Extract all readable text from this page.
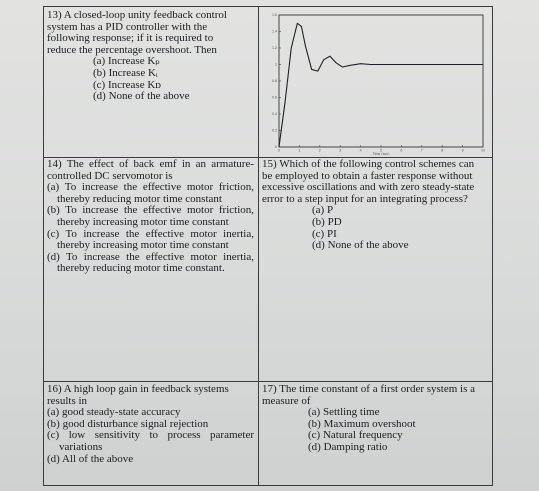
13) A closed-loop unity feedback control system has a PID controller with the following response; if it is required to reduce the percentage overshoot. Then

(a) Increase Kₚ

(b) Increase Kᵢ

(c) Increase Kᴅ

(d) None of the above

0
0.2
0.4
0.6
0.8
1
1.2
1.4
1.6
0	1	2	3	4	5	6	7	8	9	10
Time (sec)

14) The effect of back emf in an armature-controlled DC servomotor is

(a) To increase the effective motor friction, thereby reducing motor time constant

(b) To increase the effective motor friction, thereby increasing motor time constant

(c) To increase the effective motor inertia, thereby increasing motor time constant

(d) To increase the effective motor inertia, thereby reducing motor time constant.

15) Which of the following control schemes can be employed to obtain a faster response without excessive oscillations and with zero steady-state error to a step input for an integrating process?

(a) P

(b) PD

(c) PI

(d) None of the above

16) A high loop gain in feedback systems results in

(a) good steady-state accuracy

(b) good disturbance signal rejection

(c) low sensitivity to process parameter variations

(d) All of the above

17) The time constant of a first order system is a measure of

(a) Settling time

(b) Maximum overshoot

(c) Natural frequency

(d) Damping ratio
